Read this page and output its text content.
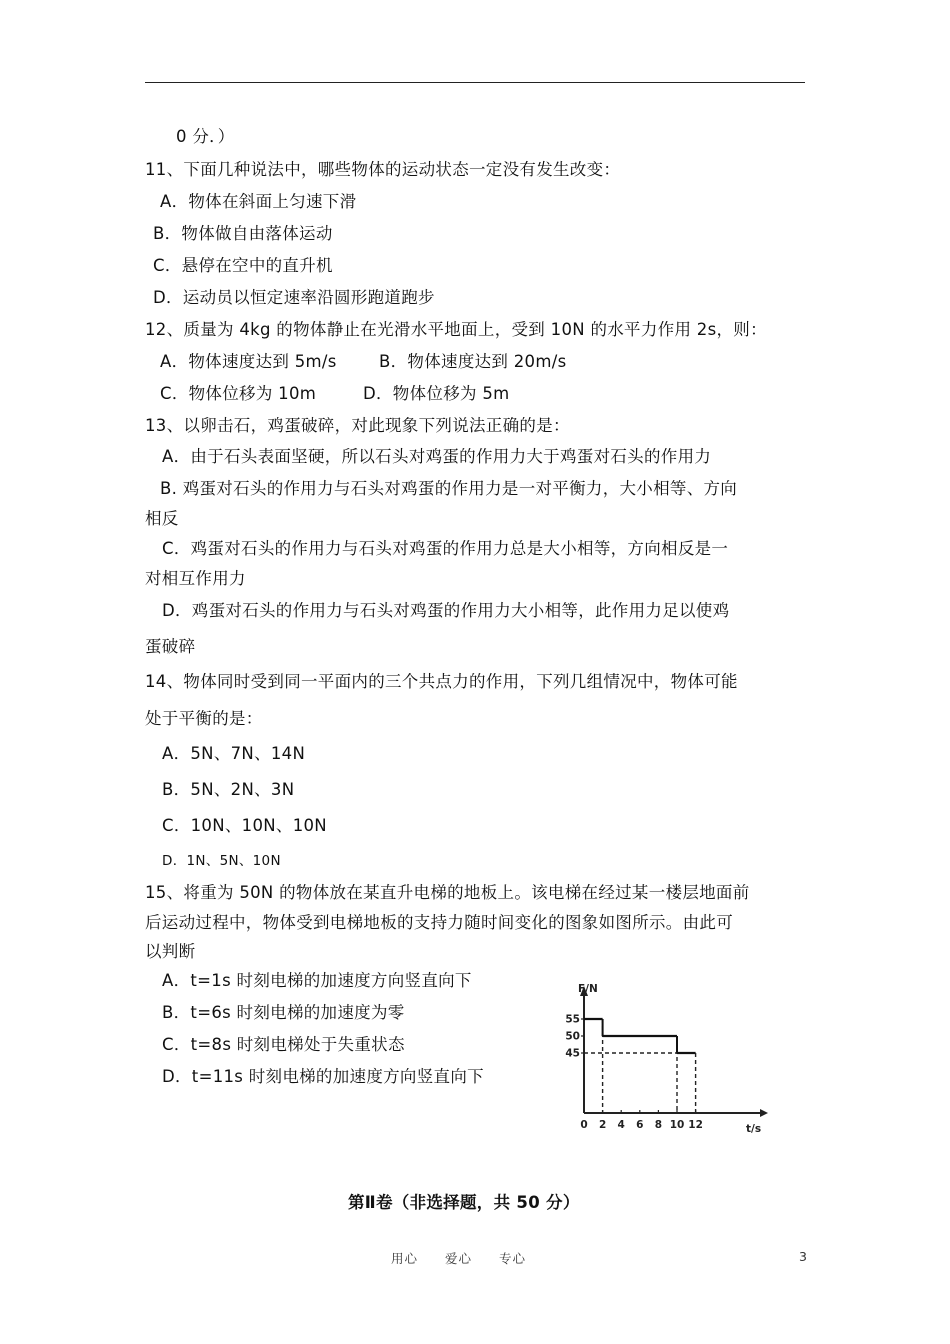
0 分．）
11、下面几种说法中，哪些物体的运动状态一定没有发生改变：
A．物体在斜面上匀速下滑
B．物体做自由落体运动
C．悬停在空中的直升机
D．运动员以恒定速率沿圆形跑道跑步
12、质量为 4kg 的物体静止在光滑水平地面上，受到 10N 的水平力作用 2s，则：
A．物体速度达到 5m/s	B．物体速度达到 20m/s
C．物体位移为 10m	D．物体位移为 5m
13、以卵击石，鸡蛋破碎，对此现象下列说法正确的是：
A．由于石头表面坚硬，所以石头对鸡蛋的作用力大于鸡蛋对石头的作用力
B. 鸡蛋对石头的作用力与石头对鸡蛋的作用力是一对平衡力，大小相等、方向
相反
C．鸡蛋对石头的作用力与石头对鸡蛋的作用力总是大小相等，方向相反是一
对相互作用力
D．鸡蛋对石头的作用力与石头对鸡蛋的作用力大小相等，此作用力足以使鸡
蛋破碎
14、物体同时受到同一平面内的三个共点力的作用，下列几组情况中，物体可能
处于平衡的是：
A．5N、7N、14N
B．5N、2N、3N
C．10N、10N、10N
D．1N、5N、10N
15、将重为 50N 的物体放在某直升电梯的地板上。该电梯在经过某一楼层地面前
后运动过程中，物体受到电梯地板的支持力随时间变化的图象如图所示。由此可
以判断
A．t=1s 时刻电梯的加速度方向竖直向下
B．t=6s 时刻电梯的加速度为零
C．t=8s 时刻电梯处于失重状态
D．t=11s 时刻电梯的加速度方向竖直向下
F/N
t/s
0 2 4 6 8 10 12
55
50
45
第Ⅱ卷（非选择题，共 50 分）
用心　　爱心　　专心	3
